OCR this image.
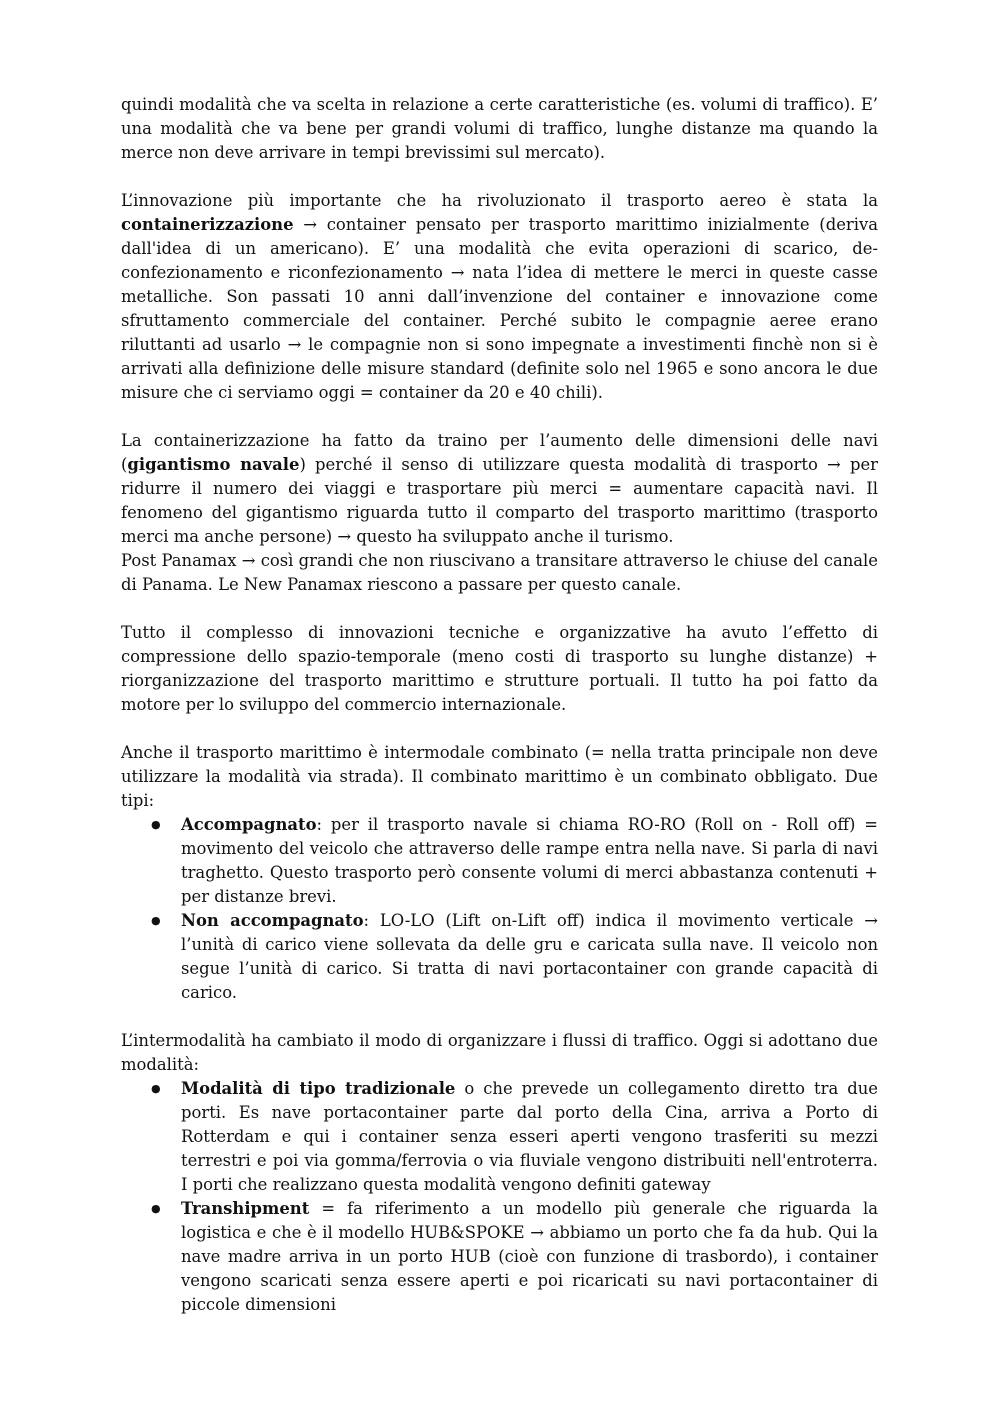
quindi modalità che va scelta in relazione a certe caratteristiche (es. volumi di traffico). E’ una modalità che va bene per grandi volumi di traffico, lunghe distanze ma quando la merce non deve arrivare in tempi brevissimi sul mercato).

L’innovazione più importante che ha rivoluzionato il trasporto aereo è stata la containerizzazione → container pensato per trasporto marittimo inizialmente (deriva dall'idea di un americano). E’ una modalità che evita operazioni di scarico, de-confezionamento e riconfezionamento → nata l’idea di mettere le merci in queste casse metalliche. Son passati 10 anni dall’invenzione del container e innovazione come sfruttamento commerciale del container. Perché subito le compagnie aeree erano riluttanti ad usarlo → le compagnie non si sono impegnate a investimenti finchè non si è arrivati alla definizione delle misure standard (definite solo nel 1965 e sono ancora le due misure che ci serviamo oggi = container da 20 e 40 chili).

La containerizzazione ha fatto da traino per l’aumento delle dimensioni delle navi (gigantismo navale) perché il senso di utilizzare questa modalità di trasporto → per ridurre il numero dei viaggi e trasportare più merci = aumentare capacità navi. Il fenomeno del gigantismo riguarda tutto il comparto del trasporto marittimo (trasporto merci ma anche persone) → questo ha sviluppato anche il turismo.

Post Panamax → così grandi che non riuscivano a transitare attraverso le chiuse del canale di Panama. Le New Panamax riescono a passare per questo canale.

Tutto il complesso di innovazioni tecniche e organizzative ha avuto l’effetto di compressione dello spazio-temporale (meno costi di trasporto su lunghe distanze) + riorganizzazione del trasporto marittimo e strutture portuali. Il tutto ha poi fatto da motore per lo sviluppo del commercio internazionale.

Anche il trasporto marittimo è intermodale combinato (= nella tratta principale non deve utilizzare la modalità via strada). Il combinato marittimo è un combinato obbligato. Due tipi:

● Accompagnato: per il trasporto navale si chiama RO-RO (Roll on - Roll off) = movimento del veicolo che attraverso delle rampe entra nella nave. Si parla di navi traghetto. Questo trasporto però consente volumi di merci abbastanza contenuti + per distanze brevi.
● Non accompagnato: LO-LO (Lift on-Lift off) indica il movimento verticale → l’unità di carico viene sollevata da delle gru e caricata sulla nave. Il veicolo non segue l’unità di carico. Si tratta di navi portacontainer con grande capacità di carico.

L’intermodalità ha cambiato il modo di organizzare i flussi di traffico. Oggi si adottano due modalità:

● Modalità di tipo tradizionale o che prevede un collegamento diretto tra due porti. Es nave portacontainer parte dal porto della Cina, arriva a Porto di Rotterdam e qui i container senza esseri aperti vengono trasferiti su mezzi terrestri e poi via gomma/ferrovia o via fluviale vengono distribuiti nell'entroterra. I porti che realizzano questa modalità vengono definiti gateway
● Transhipment = fa riferimento a un modello più generale che riguarda la logistica e che è il modello HUB&SPOKE → abbiamo un porto che fa da hub. Qui la nave madre arriva in un porto HUB (cioè con funzione di trasbordo), i container vengono scaricati senza essere aperti e poi ricaricati su navi portacontainer di piccole dimensioni
